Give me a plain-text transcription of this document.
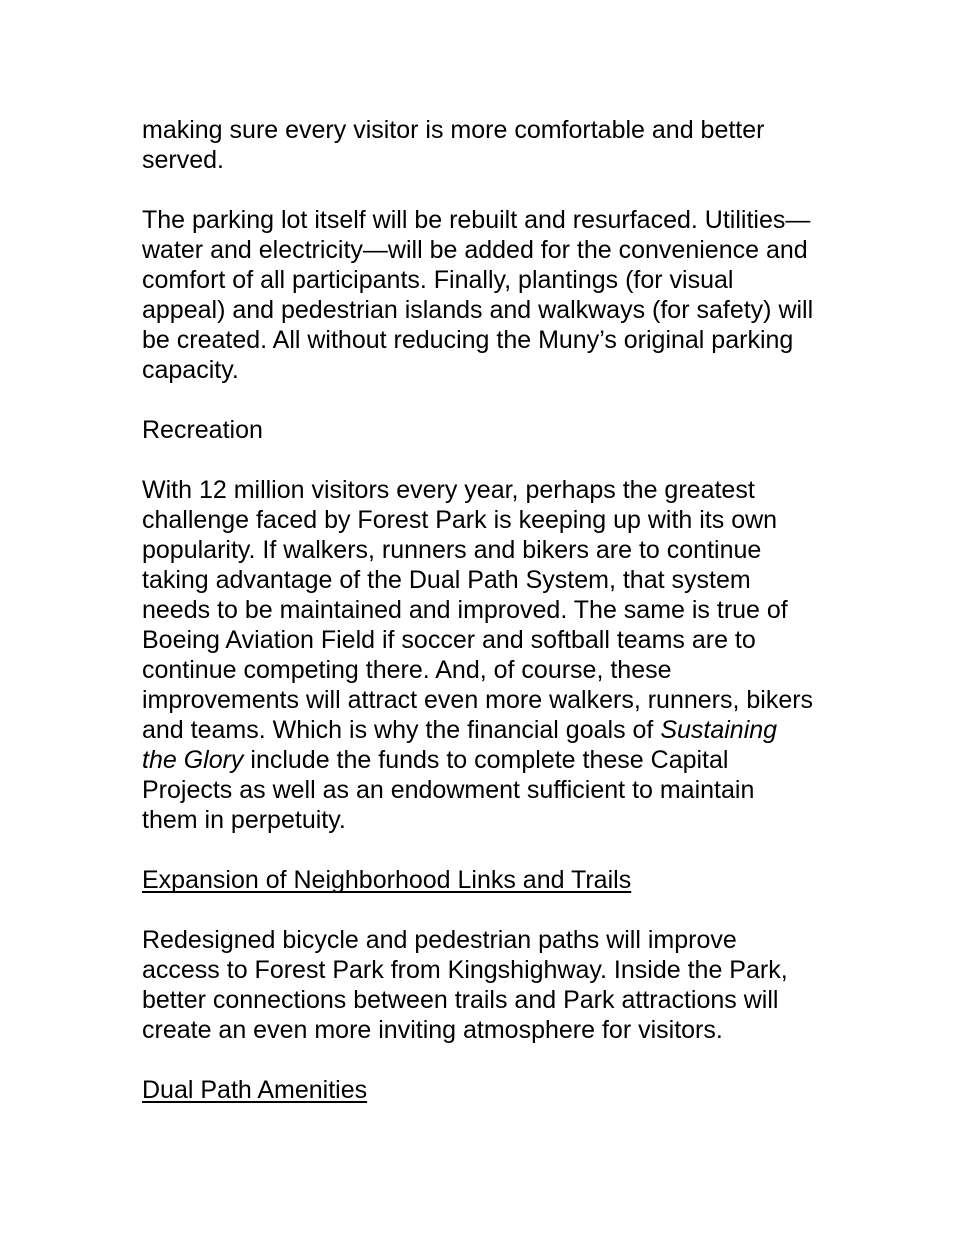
making sure every visitor is more comfortable and better served.

The parking lot itself will be rebuilt and resurfaced. Utilities—water and electricity—will be added for the convenience and comfort of all participants. Finally, plantings (for visual appeal) and pedestrian islands and walkways (for safety) will be created. All without reducing the Muny’s original parking capacity.

Recreation

With 12 million visitors every year, perhaps the greatest challenge faced by Forest Park is keeping up with its own popularity. If walkers, runners and bikers are to continue taking advantage of the Dual Path System, that system needs to be maintained and improved. The same is true of Boeing Aviation Field if soccer and softball teams are to continue competing there. And, of course, these improvements will attract even more walkers, runners, bikers and teams. Which is why the financial goals of Sustaining the Glory include the funds to complete these Capital Projects as well as an endowment sufficient to maintain them in perpetuity.

Expansion of Neighborhood Links and Trails

Redesigned bicycle and pedestrian paths will improve access to Forest Park from Kingshighway. Inside the Park, better connections between trails and Park attractions will create an even more inviting atmosphere for visitors.

Dual Path Amenities
